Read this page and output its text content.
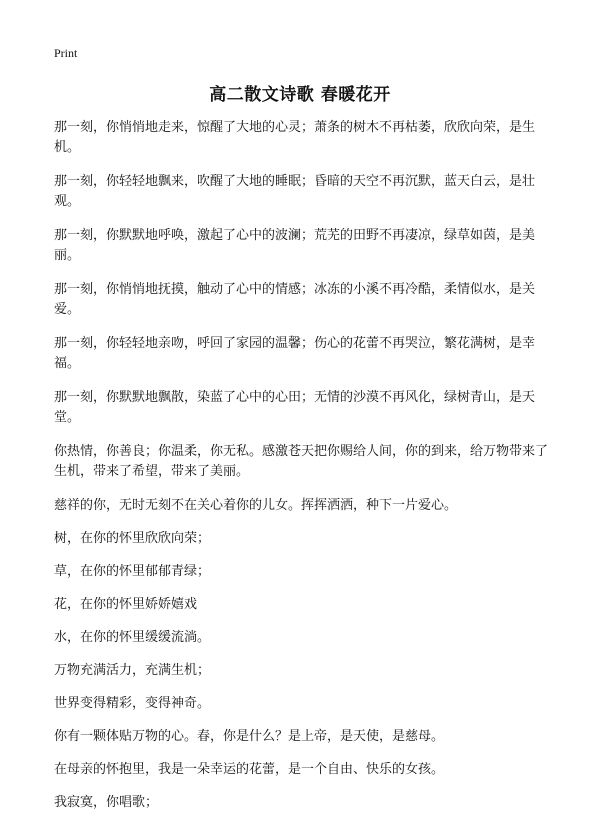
Print
高二散文诗歌 春暖花开

那一刻，你悄悄地走来，惊醒了大地的心灵；萧条的树木不再枯萎，欣欣向荣，是生机。

那一刻，你轻轻地飘来，吹醒了大地的睡眠；昏暗的天空不再沉默，蓝天白云，是壮观。

那一刻，你默默地呼唤，激起了心中的波澜；荒芜的田野不再凄凉，绿草如茵，是美丽。

那一刻，你悄悄地抚摸，触动了心中的情感；冰冻的小溪不再冷酷，柔情似水，是关爱。

那一刻，你轻轻地亲吻，呼回了家园的温馨；伤心的花蕾不再哭泣，繁花满树，是幸福。

那一刻，你默默地飘散，染蓝了心中的心田；无情的沙漠不再风化，绿树青山，是天堂。

你热情，你善良；你温柔，你无私。感激苍天把你赐给人间，你的到来，给万物带来了生机，带来了希望，带来了美丽。

慈祥的你，无时无刻不在关心着你的儿女。挥挥洒洒，种下一片爱心。

树，在你的怀里欣欣向荣；

草，在你的怀里郁郁青绿；

花，在你的怀里娇娇嬉戏

水，在你的怀里缓缓流淌。

万物充满活力，充满生机；

世界变得精彩，变得神奇。

你有一颗体贴万物的心。春，你是什么？是上帝，是天使，是慈母。

在母亲的怀抱里，我是一朵幸运的花蕾，是一个自由、快乐的女孩。

我寂寞，你唱歌；
